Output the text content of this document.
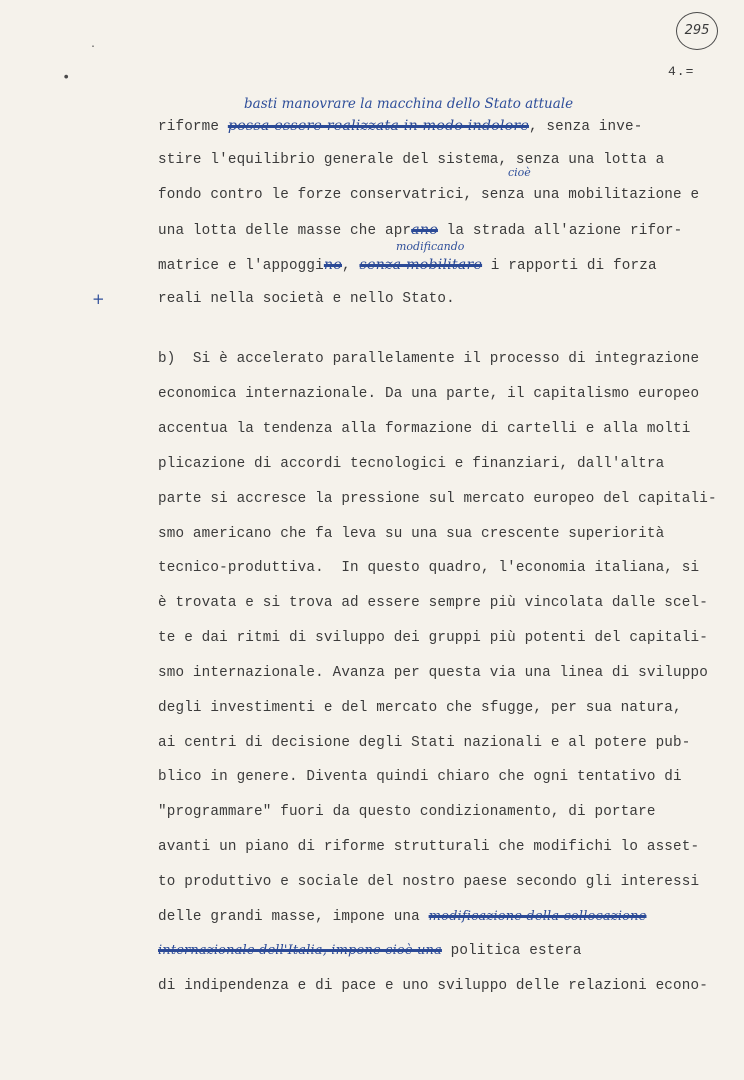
295
·
•	4.=
basti manovrare la macchina dello Stato attuale
riforme possa essere realizzata in modo indolore, senza inve-
stire l'equilibrio generale del sistema, senza una lotta a
cioè
fondo contro le forze conservatrici, senza una mobilitazione e
una lotta delle masse che aprano la strada all'azione rifor-
modificando
matrice e l'appoggino, senza mobilitare i rapporti di forza
+	reali nella società e nello Stato.
b)  Si è accelerato parallelamente il processo di integrazione
economica internazionale. Da una parte, il capitalismo europeo
accentua la tendenza alla formazione di cartelli e alla molti
plicazione di accordi tecnologici e finanziari, dall'altra
parte si accresce la pressione sul mercato europeo del capitali-
smo americano che fa leva su una sua crescente superiorità
tecnico-produttiva.  In questo quadro, l'economia italiana, si
è trovata e si trova ad essere sempre più vincolata dalle scel-
te e dai ritmi di sviluppo dei gruppi più potenti del capitali-
smo internazionale. Avanza per questa via una linea di sviluppo
degli investimenti e del mercato che sfugge, per sua natura,
ai centri di decisione degli Stati nazionali e al potere pub-
blico in genere. Diventa quindi chiaro che ogni tentativo di
"programmare" fuori da questo condizionamento, di portare
avanti un piano di riforme strutturali che modifichi lo asset-
to produttivo e sociale del nostro paese secondo gli interessi
delle grandi masse, impone una modificazione della collocazione
internazionale dell'Italia, impone cioè una politica estera
di indipendenza e di pace e uno sviluppo delle relazioni econo-
